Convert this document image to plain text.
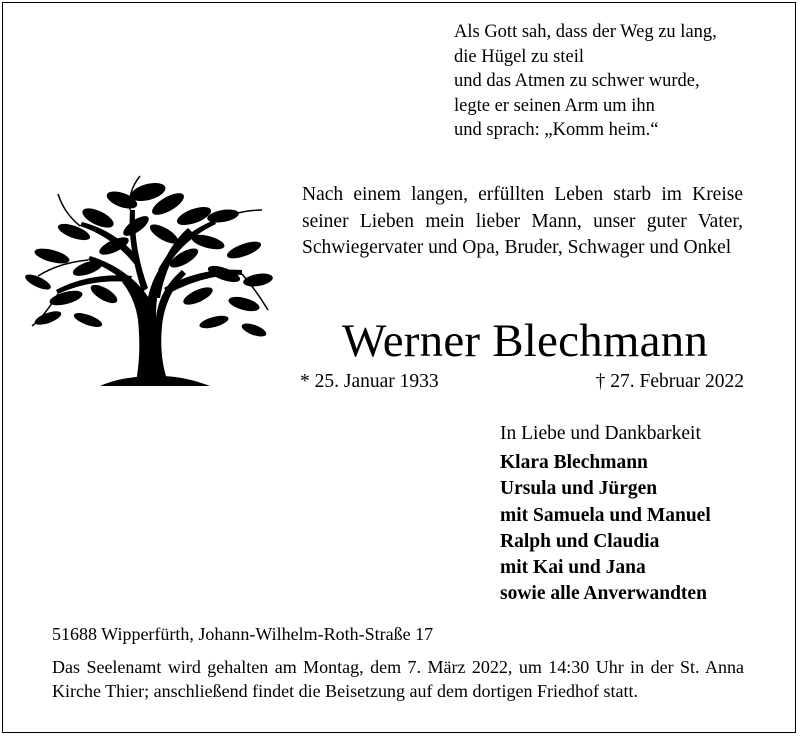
Als Gott sah, dass der Weg zu lang,
die Hügel zu steil
und das Atmen zu schwer wurde,
legte er seinen Arm um ihn
und sprach: „Komm heim.“
Nach einem langen, erfüllten Leben starb im Kreise seiner Lieben mein lieber Mann, unser guter Vater, Schwiegervater und Opa, Bruder, Schwager und Onkel
Werner Blechmann
* 25. Januar 1933	† 27. Februar 2022
In Liebe und Dankbarkeit
Klara Blechmann
Ursula und Jürgen
mit Samuela und Manuel
Ralph und Claudia
mit Kai und Jana
sowie alle Anverwandten
51688 Wipperfürth, Johann-Wilhelm-Roth-Straße 17
Das Seelenamt wird gehalten am Montag, dem 7. März 2022, um 14:30 Uhr in der St. Anna Kirche Thier; anschließend findet die Beisetzung auf dem dortigen Friedhof statt.
